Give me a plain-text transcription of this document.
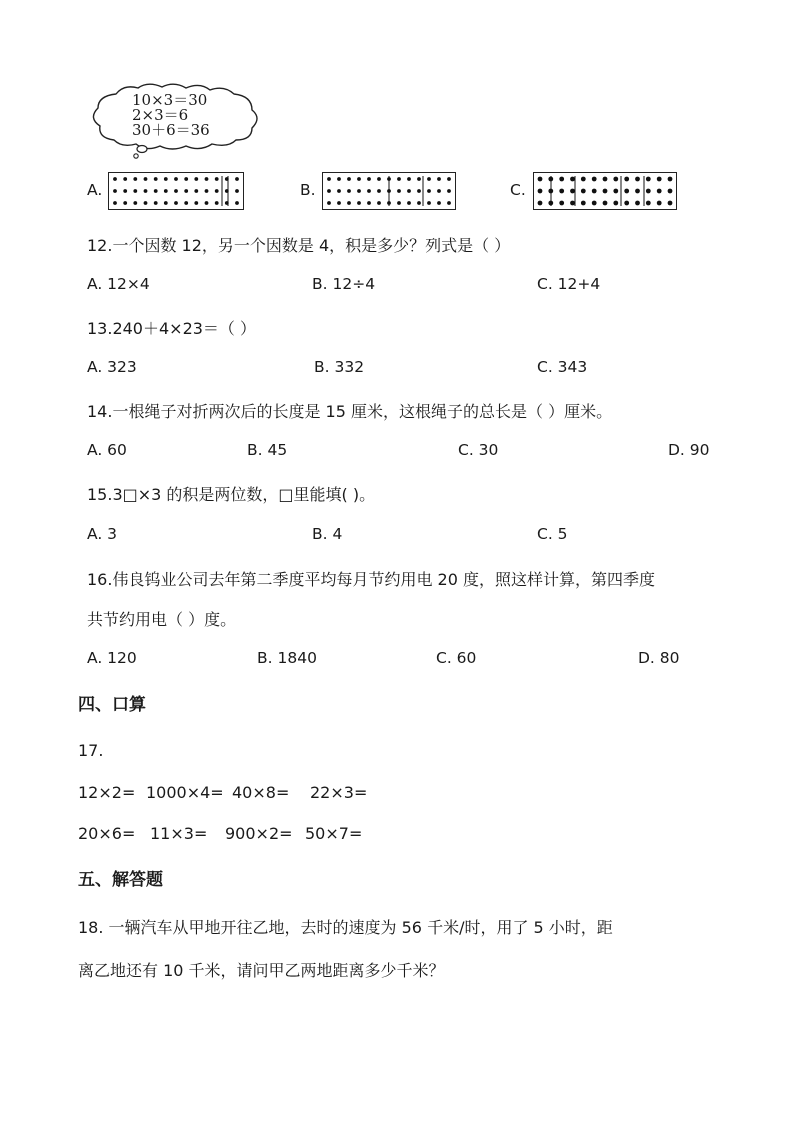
10×3＝30
2×3＝6
30＋6＝36
A.	B.	C.
12.一个因数 12，另一个因数是 4，积是多少？列式是（ ）
A. 12×4	B. 12÷4	C. 12+4
13.240＋4×23＝（ ）
A. 323	B. 332	C. 343
14.一根绳子对折两次后的长度是 15 厘米，这根绳子的总长是（ ）厘米。
A. 60	B. 45	C. 30	D. 90
15.3□×3 的积是两位数，□里能填( )。
A. 3	B. 4	C. 5
16.伟良钨业公司去年第二季度平均每月节约用电 20 度，照这样计算，第四季度
共节约用电（ ）度。
A. 120	B. 1840	C. 60	D. 80
四、口算
17.
12×2= 1000×4= 40×8= 22×3=
20×6= 11×3= 900×2= 50×7=
五、解答题
18. 一辆汽车从甲地开往乙地，去时的速度为 56 千米/时，用了 5 小时，距
离乙地还有 10 千米，请问甲乙两地距离多少千米？
